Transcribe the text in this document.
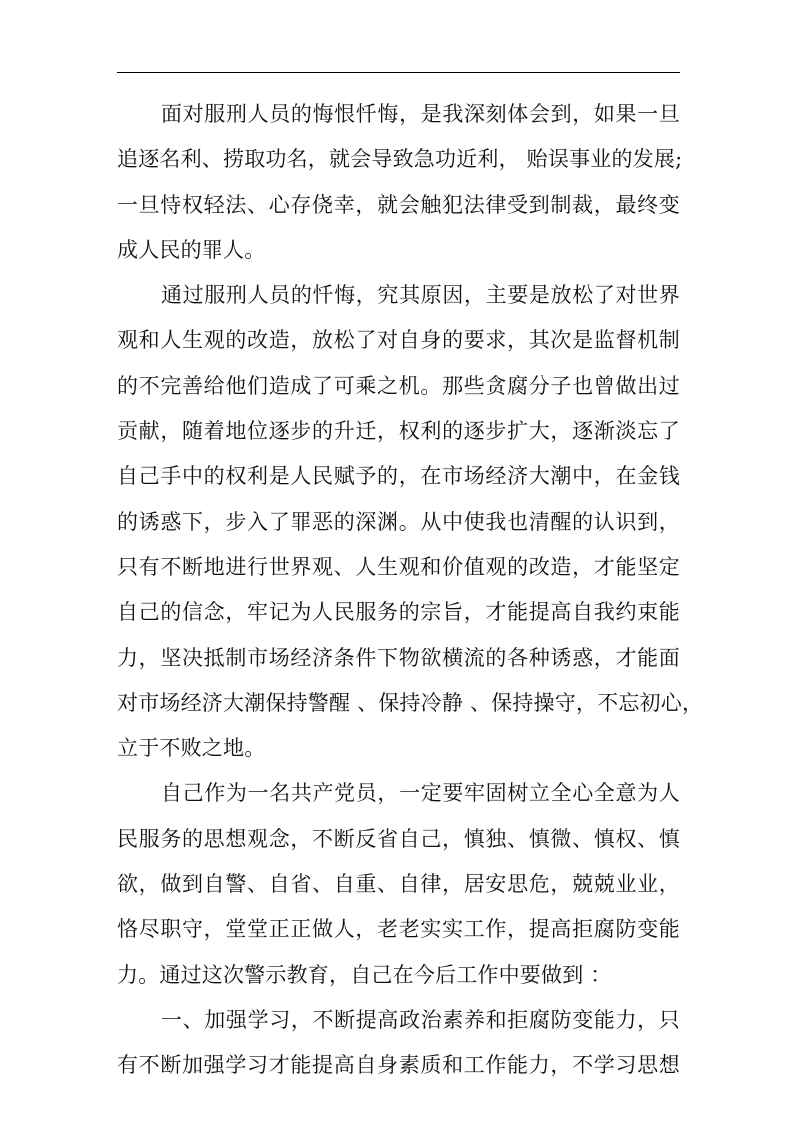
面对服刑人员的悔恨忏悔，是我深刻体会到，如果一旦
追逐名利、捞取功名，就会导致急功近利， 贻误事业的发展;
一旦恃权轻法、心存侥幸，就会触犯法律受到制裁，最终变
成人民的罪人。
通过服刑人员的忏悔，究其原因，主要是放松了对世界
观和人生观的改造，放松了对自身的要求，其次是监督机制
的不完善给他们造成了可乘之机。那些贪腐分子也曾做出过
贡献，随着地位逐步的升迁，权利的逐步扩大，逐渐淡忘了
自己手中的权利是人民赋予的，在市场经济大潮中，在金钱
的诱惑下，步入了罪恶的深渊。从中使我也清醒的认识到，
只有不断地进行世界观、人生观和价值观的改造，才能坚定
自己的信念，牢记为人民服务的宗旨，才能提高自我约束能
力，坚决抵制市场经济条件下物欲横流的各种诱惑，才能面
对市场经济大潮保持警醒 、保持冷静 、保持操守，不忘初心，
立于不败之地。
自己作为一名共产党员，一定要牢固树立全心全意为人
民服务的思想观念，不断反省自己，慎独、慎微、慎权、慎
欲，做到自警、自省、自重、自律，居安思危，兢兢业业，
恪尽职守，堂堂正正做人，老老实实工作，提高拒腐防变能
力。通过这次警示教育，自己在今后工作中要做到 ：
一、加强学习，不断提高政治素养和拒腐防变能力，只
有不断加强学习才能提高自身素质和工作能力，不学习思想
